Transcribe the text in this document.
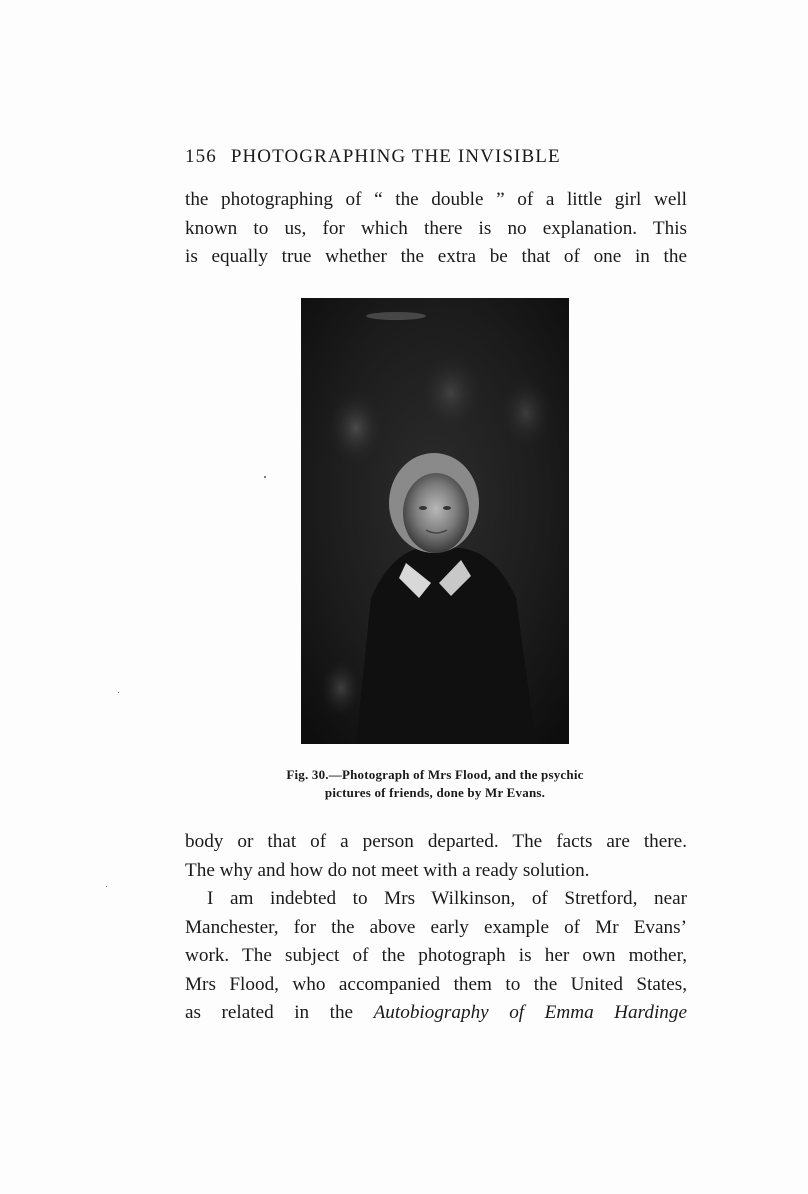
156 PHOTOGRAPHING THE INVISIBLE
the photographing of “ the double ” of a little girl well
known to us, for which there is no explanation. This
is equally true whether the extra be that of one in the
Fig. 30.—Photograph of Mrs Flood, and the psychic
pictures of friends, done by Mr Evans.
body or that of a person departed. The facts are there.
The why and how do not meet with a ready solution.
I am indebted to Mrs Wilkinson, of Stretford, near
Manchester, for the above early example of Mr Evans’
work. The subject of the photograph is her own mother,
Mrs Flood, who accompanied them to the United States,
as related in the Autobiography of Emma Hardinge
